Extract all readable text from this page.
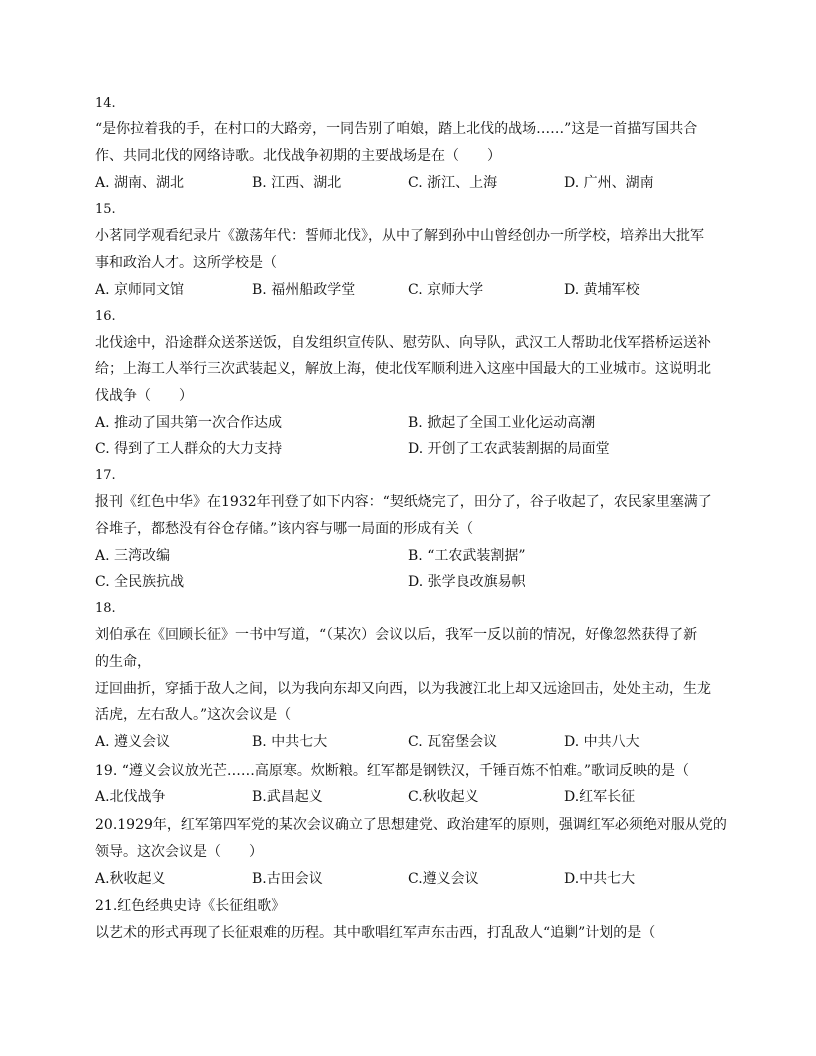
14.
“是你拉着我的手，在村口的大路旁，一同告别了咱娘，踏上北伐的战场……”这是一首描写国共合
作、共同北伐的网络诗歌。北伐战争初期的主要战场是在（　　）
A. 湖南、湖北	B. 江西、湖北	C. 浙江、上海	D. 广州、湖南
15.
小茗同学观看纪录片《激荡年代：誓师北伐》，从中了解到孙中山曾经创办一所学校，培养出大批军
事和政治人才。这所学校是（
A. 京师同文馆	B. 福州船政学堂	C. 京师大学	D. 黄埔军校
16.
北伐途中，沿途群众送茶送饭，自发组织宣传队、慰劳队、向导队，武汉工人帮助北伐军搭桥运送补
给；上海工人举行三次武装起义，解放上海，使北伐军顺利进入这座中国最大的工业城市。这说明北
伐战争（　　）
A. 推动了国共第一次合作达成	B. 掀起了全国工业化运动高潮
C. 得到了工人群众的大力支持	D. 开创了工农武装割据的局面堂
17.
报刊《红色中华》在1932年刊登了如下内容：“契纸烧完了，田分了，谷子收起了，农民家里塞满了
谷堆子，都愁没有谷仓存储。”该内容与哪一局面的形成有关（
A. 三湾改编	B. “工农武装割据”
C. 全民族抗战	D. 张学良改旗易帜
18.
刘伯承在《回顾长征》一书中写道，“（某次）会议以后，我军一反以前的情况，好像忽然获得了新
的生命，
迂回曲折，穿插于敌人之间，以为我向东却又向西，以为我渡江北上却又远途回击，处处主动，生龙
活虎，左右敌人。”这次会议是（
A. 遵义会议	B. 中共七大	C. 瓦窑堡会议	D. 中共八大
19. “遵义会议放光芒……高原寒。炊断粮。红军都是钢铁汉，千锤百炼不怕难。”歌词反映的是（
A.北伐战争	B.武昌起义	C.秋收起义	D.红军长征
20.1929年，红军第四军党的某次会议确立了思想建党、政治建军的原则，强调红军必须绝对服从党的
领导。这次会议是（　　）
A.秋收起义	B.古田会议	C.遵义会议	D.中共七大
21.红色经典史诗《长征组歌》
以艺术的形式再现了长征艰难的历程。其中歌唱红军声东击西，打乱敌人“追剿”计划的是（
